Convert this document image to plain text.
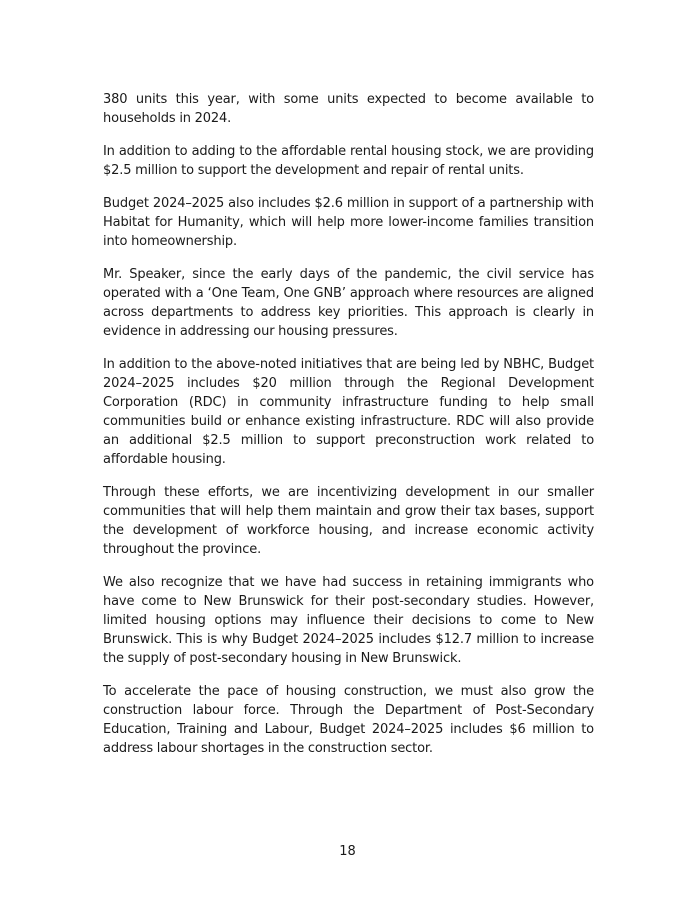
380 units this year, with some units expected to become available to households in 2024.

In addition to adding to the affordable rental housing stock, we are providing $2.5 million to support the development and repair of rental units.

Budget 2024–2025 also includes $2.6 million in support of a partnership with Habitat for Humanity, which will help more lower-income families transition into homeownership.

Mr. Speaker, since the early days of the pandemic, the civil service has operated with a ‘One Team, One GNB’ approach where resources are aligned across departments to address key priorities. This approach is clearly in evidence in addressing our housing pressures.

In addition to the above-noted initiatives that are being led by NBHC, Budget 2024–2025 includes $20 million through the Regional Development Corporation (RDC) in community infrastructure funding to help small communities build or enhance existing infrastructure. RDC will also provide an additional $2.5 million to support preconstruction work related to affordable housing.

Through these efforts, we are incentivizing development in our smaller communities that will help them maintain and grow their tax bases, support the development of workforce housing, and increase economic activity throughout the province.

We also recognize that we have had success in retaining immigrants who have come to New Brunswick for their post-secondary studies. However, limited housing options may influence their decisions to come to New Brunswick. This is why Budget 2024–2025 includes $12.7 million to increase the supply of post-secondary housing in New Brunswick.

To accelerate the pace of housing construction, we must also grow the construction labour force. Through the Department of Post-Secondary Education, Training and Labour, Budget 2024–2025 includes $6 million to address labour shortages in the construction sector.

18
